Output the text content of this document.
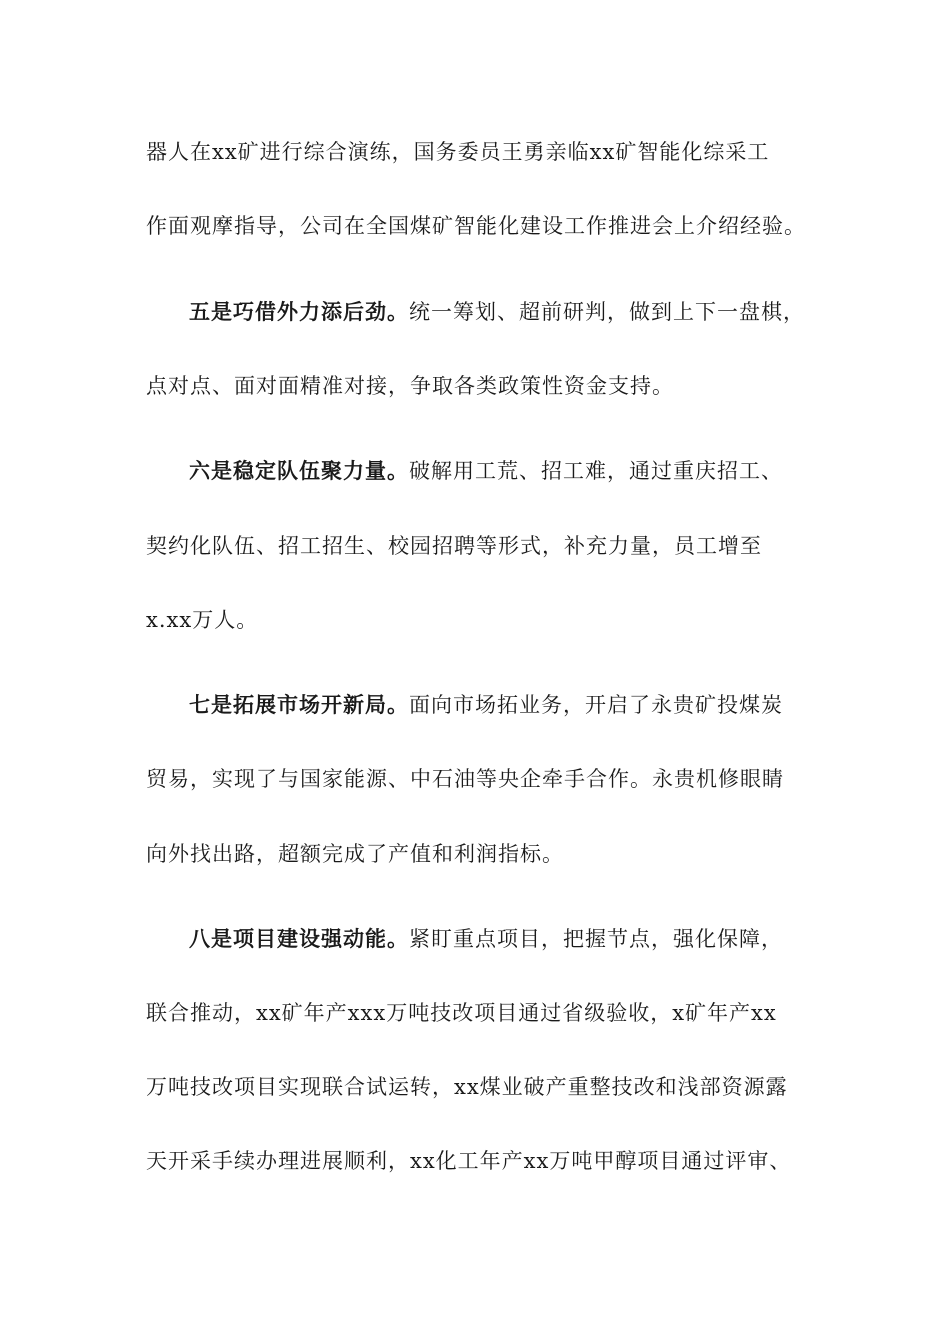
器人在xx矿进行综合演练，国务委员王勇亲临xx矿智能化综采工
作面观摩指导，公司在全国煤矿智能化建设工作推进会上介绍经验。
五是巧借外力添后劲。统一筹划、超前研判，做到上下一盘棋，
点对点、面对面精准对接，争取各类政策性资金支持。
六是稳定队伍聚力量。破解用工荒、招工难，通过重庆招工、
契约化队伍、招工招生、校园招聘等形式，补充力量，员工增至
x.xx万人。
七是拓展市场开新局。面向市场拓业务，开启了永贵矿投煤炭
贸易，实现了与国家能源、中石油等央企牵手合作。永贵机修眼睛
向外找出路，超额完成了产值和利润指标。
八是项目建设强动能。紧盯重点项目，把握节点，强化保障，
联合推动，xx矿年产xxx万吨技改项目通过省级验收，x矿年产xx
万吨技改项目实现联合试运转，xx煤业破产重整技改和浅部资源露
天开采手续办理进展顺利，xx化工年产xx万吨甲醇项目通过评审、
